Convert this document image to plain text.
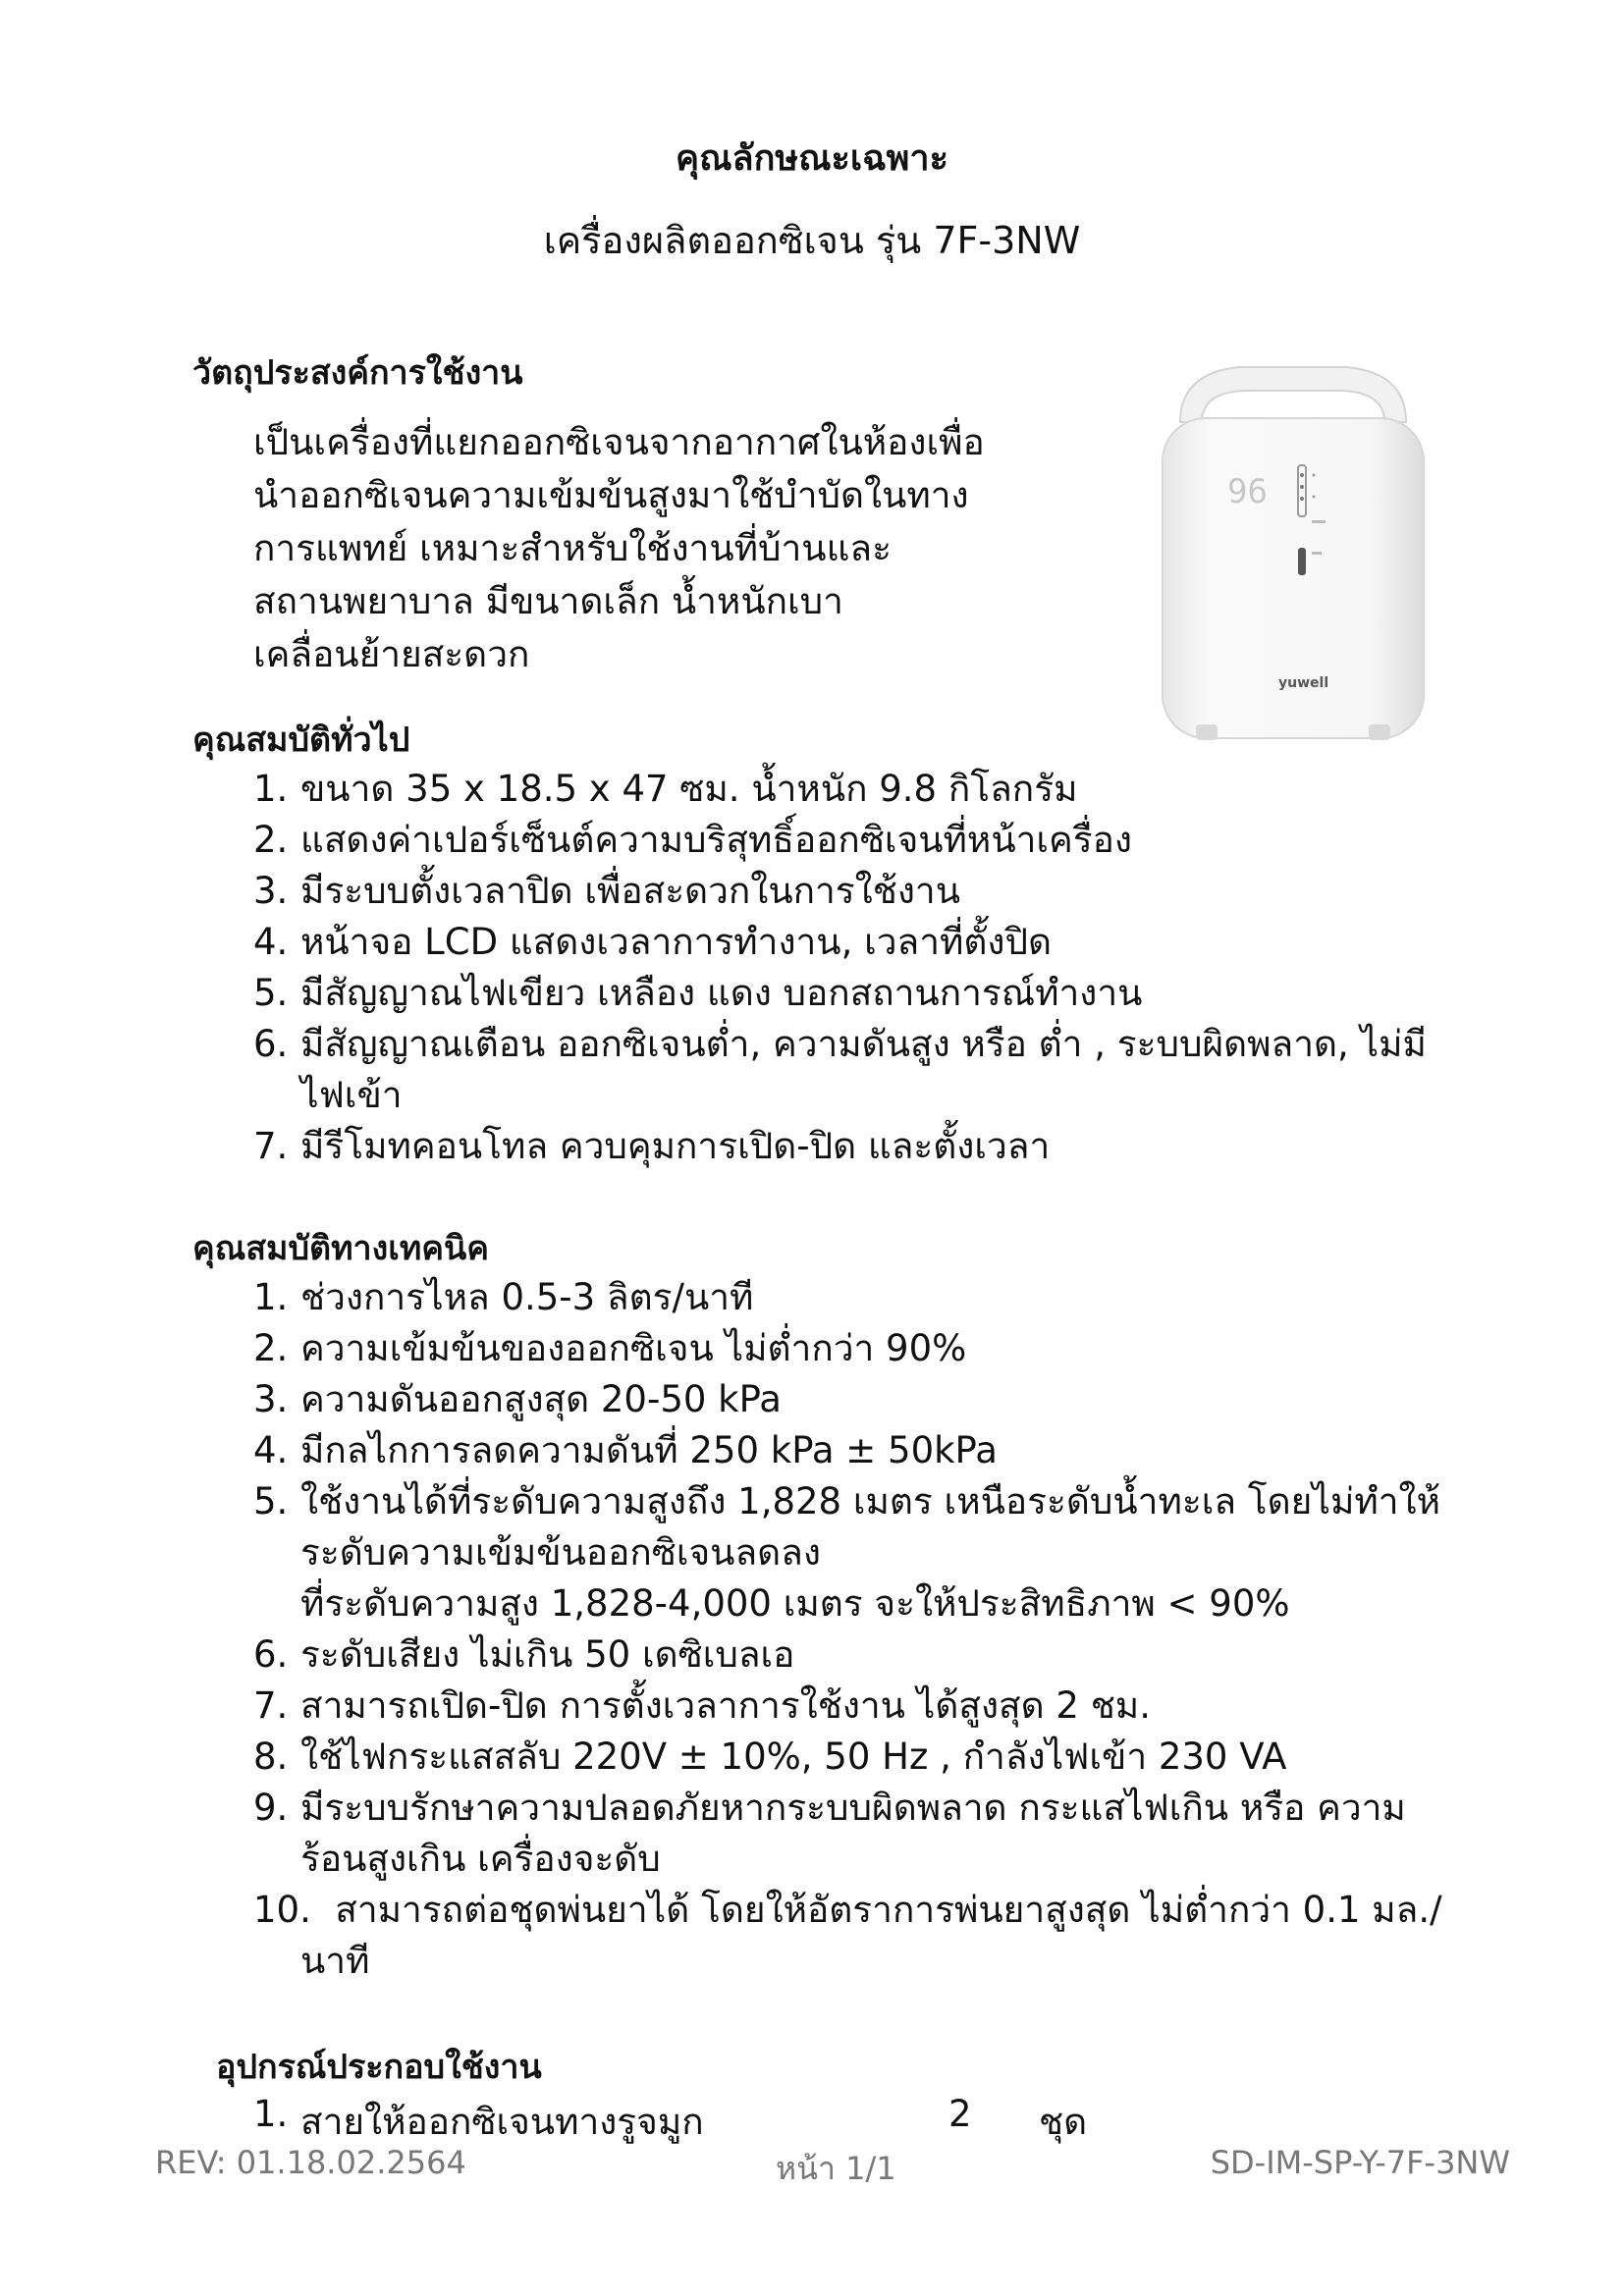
คุณลักษณะเฉพาะ
เครื่องผลิตออกซิเจน รุ่น 7F-3NW
วัตถุประสงค์การใช้งาน
เป็นเครื่องที่แยกออกซิเจนจากอากาศในห้องเพื่อ
นำออกซิเจนความเข้มข้นสูงมาใช้บำบัดในทาง
การแพทย์ เหมาะสำหรับใช้งานที่บ้านและ
สถานพยาบาล มีขนาดเล็ก น้ำหนักเบา
เคลื่อนย้ายสะดวก
96
yuwell
คุณสมบัติทั่วไป
1. ขนาด 35 x 18.5 x 47 ซม. น้ำหนัก 9.8 กิโลกรัม
2. แสดงค่าเปอร์เซ็นต์ความบริสุทธิ์ออกซิเจนที่หน้าเครื่อง
3. มีระบบตั้งเวลาปิด เพื่อสะดวกในการใช้งาน
4. หน้าจอ LCD แสดงเวลาการทำงาน, เวลาที่ตั้งปิด
5. มีสัญญาณไฟเขียว เหลือง แดง บอกสถานการณ์ทำงาน
6. มีสัญญาณเตือน ออกซิเจนต่ำ, ความดันสูง หรือ ต่ำ , ระบบผิดพลาด, ไม่มี
ไฟเข้า
7. มีรีโมทคอนโทล ควบคุมการเปิด-ปิด และตั้งเวลา
คุณสมบัติทางเทคนิค
1. ช่วงการไหล 0.5-3 ลิตร/นาที
2. ความเข้มข้นของออกซิเจน ไม่ต่ำกว่า 90%
3. ความดันออกสูงสุด 20-50 kPa
4. มีกลไกการลดความดันที่ 250 kPa ± 50kPa
5. ใช้งานได้ที่ระดับความสูงถึง 1,828 เมตร เหนือระดับน้ำทะเล โดยไม่ทำให้
ระดับความเข้มข้นออกซิเจนลดลง
ที่ระดับความสูง 1,828-4,000 เมตร จะให้ประสิทธิภาพ < 90%
6. ระดับเสียง ไม่เกิน 50 เดซิเบลเอ
7. สามารถเปิด-ปิด การตั้งเวลาการใช้งาน ได้สูงสุด 2 ชม.
8. ใช้ไฟกระแสสลับ 220V ± 10%, 50 Hz , กำลังไฟเข้า 230 VA
9. มีระบบรักษาความปลอดภัยหากระบบผิดพลาด กระแสไฟเกิน หรือ ความ
ร้อนสูงเกิน เครื่องจะดับ
10.
สามารถต่อชุดพ่นยาได้ โดยให้อัตราการพ่นยาสูงสุด ไม่ต่ำกว่า 0.1 มล./
นาที
อุปกรณ์ประกอบใช้งาน
1. สายให้ออกซิเจนทางรูจมูก	2 ชุด
REV: 01.18.02.2564	หน้า 1/1	SD-IM-SP-Y-7F-3NW
